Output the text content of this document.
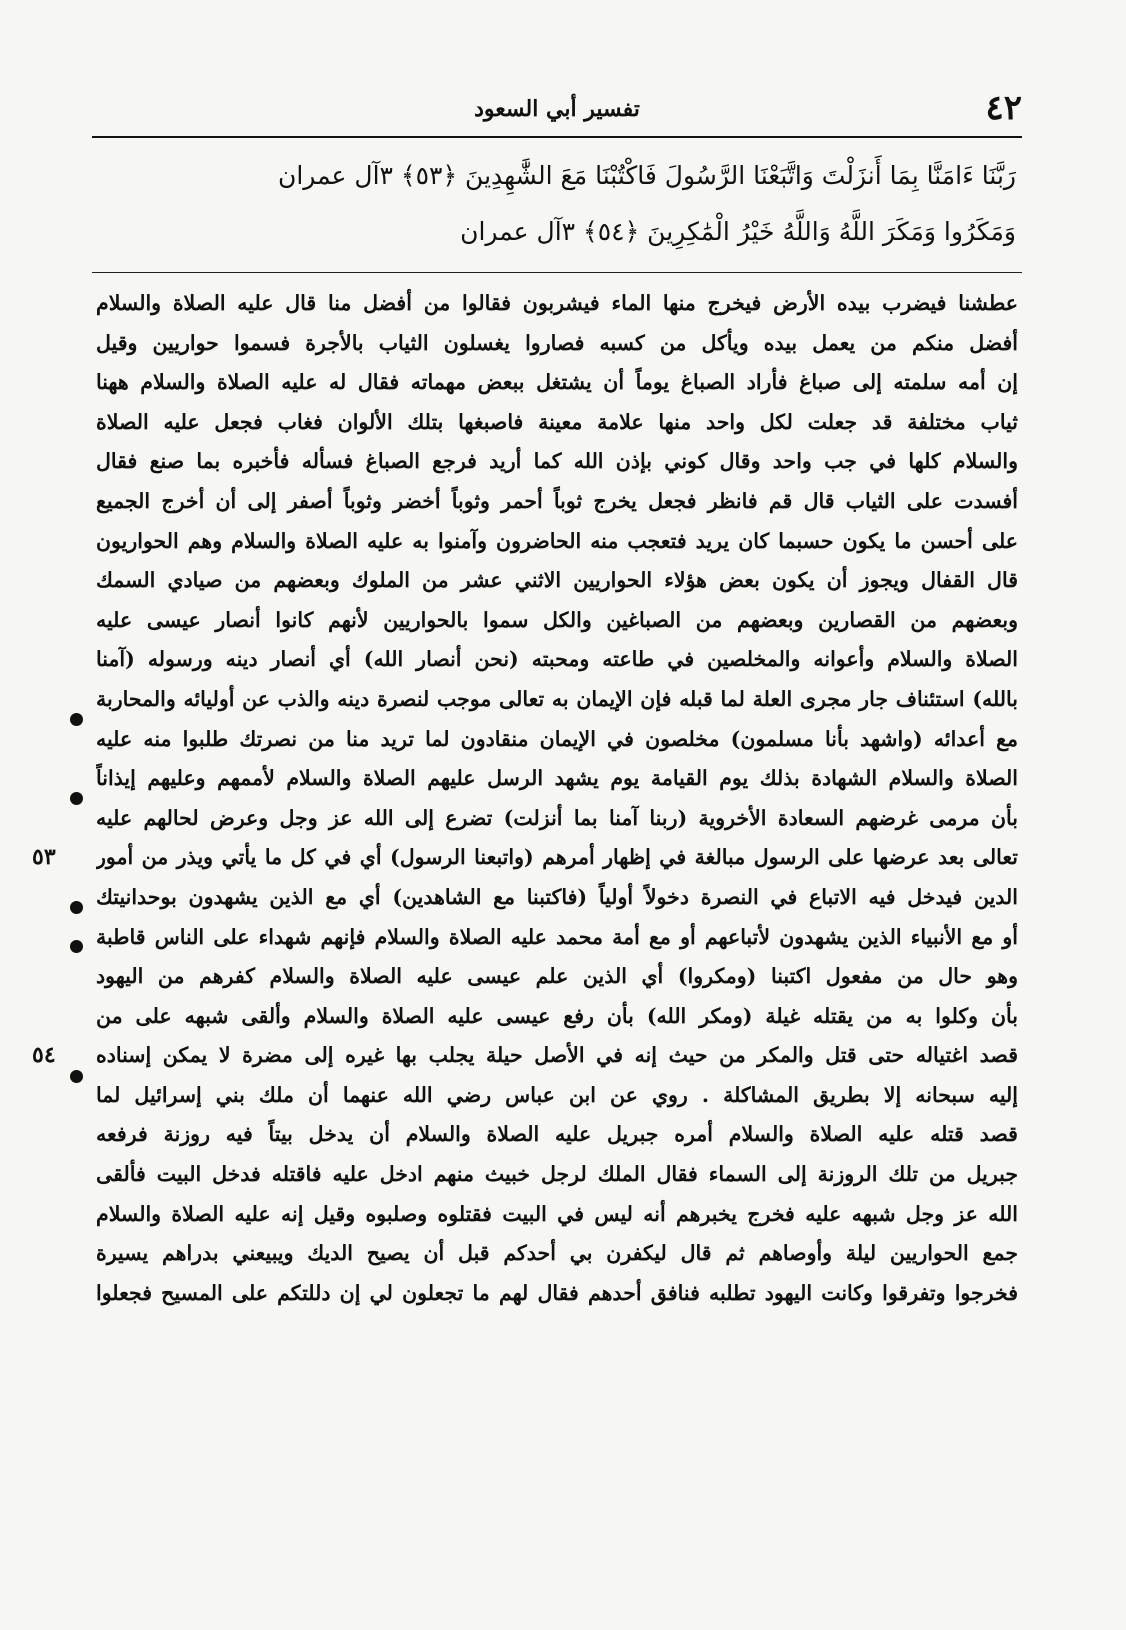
٤٢
تفسير أبي السعود
رَبَّنَا ءَامَنَّا بِمَا أَنزَلْتَ وَاتَّبَعْنَا الرَّسُولَ فَاكْتُبْنَا مَعَ الشَّٰهِدِينَ ﴿٥٣﴾ ٣آل عمران
وَمَكَرُوا وَمَكَرَ اللَّهُ وَاللَّهُ خَيْرُ الْمَٰكِرِينَ ﴿٥٤﴾ ٣آل عمران
عطشنا فيضرب بيده الأرض فيخرج منها الماء فيشربون فقالوا من أفضل منا قال عليه الصلاة والسلام
أفضل منكم من يعمل بيده ويأكل من كسبه فصاروا يغسلون الثياب بالأجرة فسموا حواريين وقيل
إن أمه سلمته إلى صباغ فأراد الصباغ يوماً أن يشتغل ببعض مهماته فقال له عليه الصلاة والسلام ههنا
ثياب مختلفة قد جعلت لكل واحد منها علامة معينة فاصبغها بتلك الألوان فغاب فجعل عليه الصلاة
والسلام كلها في جب واحد وقال كوني بإذن الله كما أريد فرجع الصباغ فسأله فأخبره بما صنع فقال
أفسدت على الثياب قال قم فانظر فجعل يخرج ثوباً أحمر وثوباً أخضر وثوباً أصفر إلى أن أخرج الجميع
على أحسن ما يكون حسبما كان يريد فتعجب منه الحاضرون وآمنوا به عليه الصلاة والسلام وهم الحواريون
قال القفال ويجوز أن يكون بعض هؤلاء الحواريين الاثني عشر من الملوك وبعضهم من صيادي السمك
وبعضهم من القصارين وبعضهم من الصباغين والكل سموا بالحواريين لأنهم كانوا أنصار عيسى عليه
الصلاة والسلام وأعوانه والمخلصين في طاعته ومحبته (نحن أنصار الله) أي أنصار دينه ورسوله (آمنا
بالله) استئناف جار مجرى العلة لما قبله فإن الإيمان به تعالى موجب لنصرة دينه والذب عن أوليائه والمحاربة
مع أعدائه (واشهد بأنا مسلمون) مخلصون في الإيمان منقادون لما تريد منا من نصرتك طلبوا منه عليه
الصلاة والسلام الشهادة بذلك يوم القيامة يوم يشهد الرسل عليهم الصلاة والسلام لأممهم وعليهم إيذاناً
بأن مرمى غرضهم السعادة الأخروية (ربنا آمنا بما أنزلت) تضرع إلى الله عز وجل وعرض لحالهم عليه
تعالى بعد عرضها على الرسول مبالغة في إظهار أمرهم (واتبعنا الرسول) أي في كل ما يأتي ويذر من أمور
الدين فيدخل فيه الاتباع في النصرة دخولاً أولياً (فاكتبنا مع الشاهدين) أي مع الذين يشهدون بوحدانيتك
أو مع الأنبياء الذين يشهدون لأتباعهم أو مع أمة محمد عليه الصلاة والسلام فإنهم شهداء على الناس قاطبة
وهو حال من مفعول اكتبنا (ومكروا) أي الذين علم عيسى عليه الصلاة والسلام كفرهم من اليهود
بأن وكلوا به من يقتله غيلة (ومكر الله) بأن رفع عيسى عليه الصلاة والسلام وألقى شبهه على من
قصد اغتياله حتى قتل والمكر من حيث إنه في الأصل حيلة يجلب بها غيره إلى مضرة لا يمكن إسناده
إليه سبحانه إلا بطريق المشاكلة . روي عن ابن عباس رضي الله عنهما أن ملك بني إسرائيل لما
قصد قتله عليه الصلاة والسلام أمره جبريل عليه الصلاة والسلام أن يدخل بيتاً فيه روزنة فرفعه
جبريل من تلك الروزنة إلى السماء فقال الملك لرجل خبيث منهم ادخل عليه فاقتله فدخل البيت فألقى
الله عز وجل شبهه عليه فخرج يخبرهم أنه ليس في البيت فقتلوه وصلبوه وقيل إنه عليه الصلاة والسلام
جمع الحواريين ليلة وأوصاهم ثم قال ليكفرن بي أحدكم قبل أن يصيح الديك ويبيعني بدراهم يسيرة
فخرجوا وتفرقوا وكانت اليهود تطلبه فنافق أحدهم فقال لهم ما تجعلون لي إن دللتكم على المسيح فجعلوا
٥٣
٥٤
